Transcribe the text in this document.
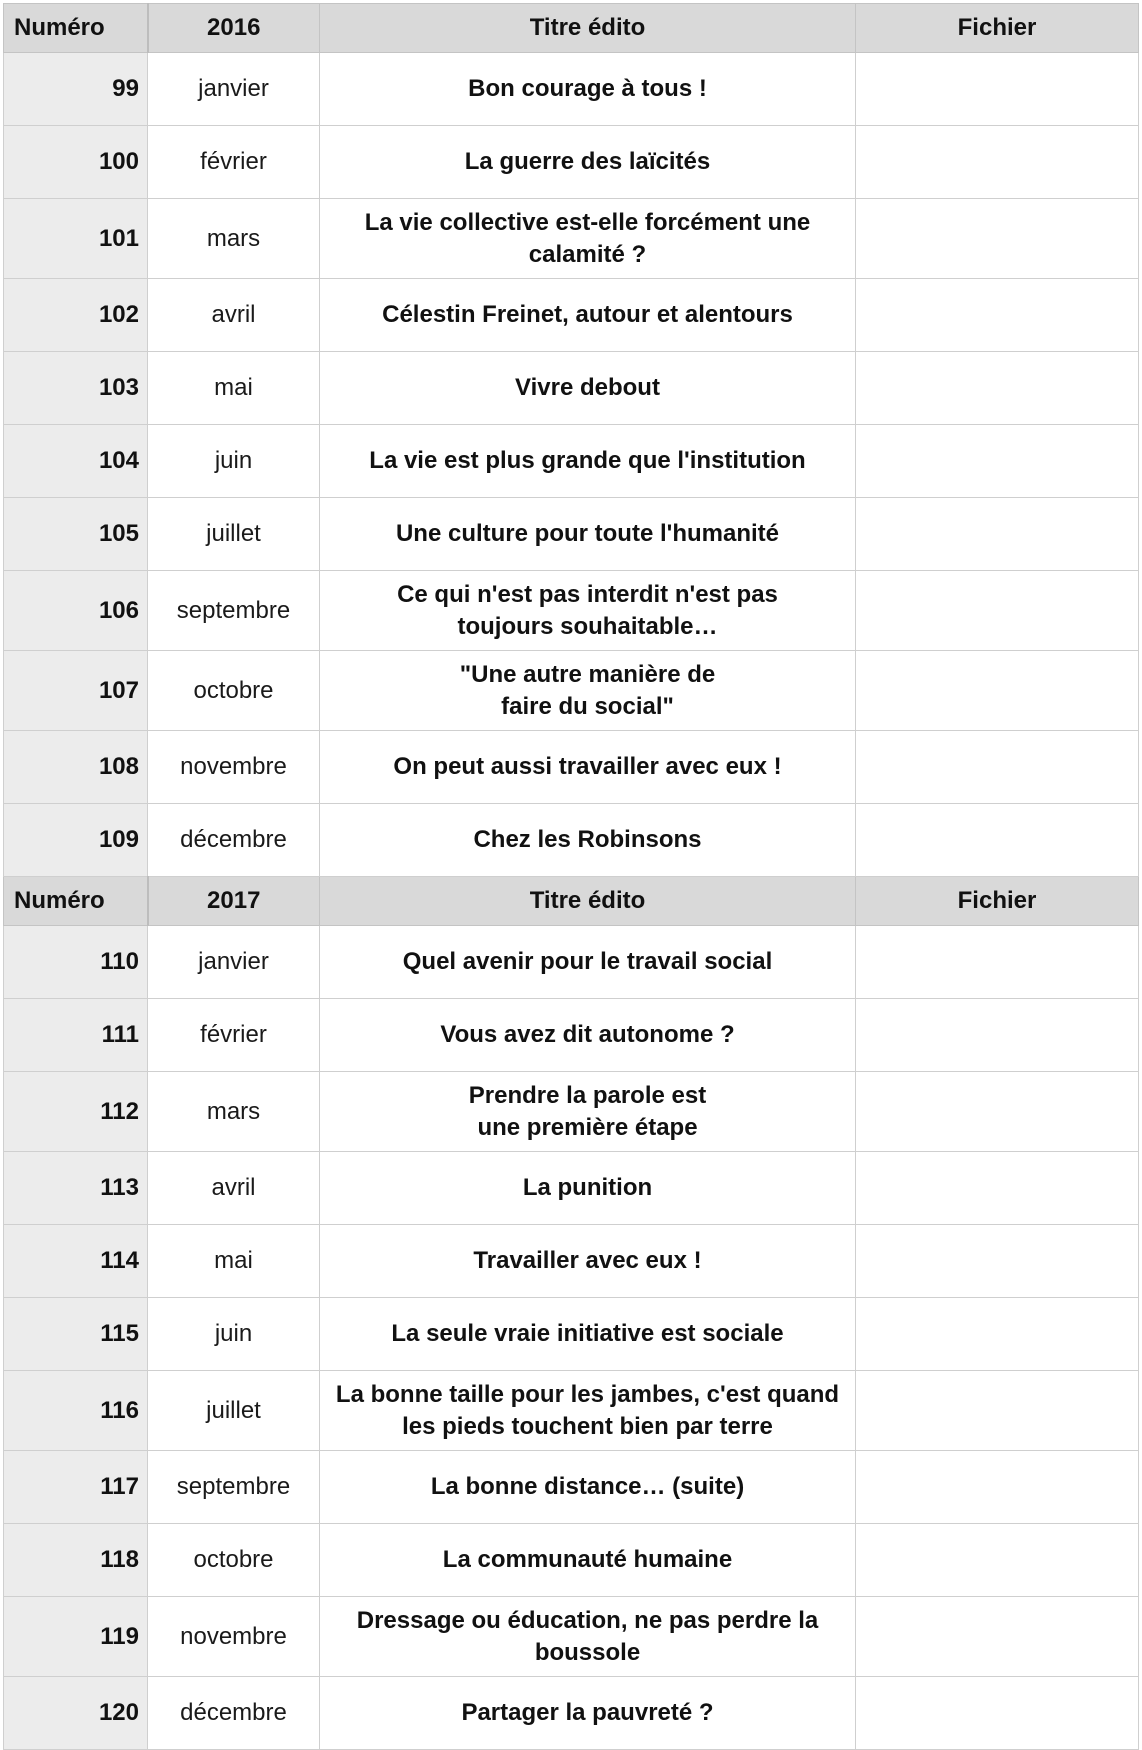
Numéro	2016	Titre édito	Fichier
99	janvier	Bon courage à tous !	
100	février	La guerre des laïcités	
101	mars	La vie collective est-elle forcément une
calamité ?	
102	avril	Célestin Freinet, autour et alentours	
103	mai	Vivre debout	
104	juin	La vie est plus grande que l'institution	
105	juillet	Une culture pour toute l'humanité	
106	septembre	Ce qui n'est pas interdit n'est pas
toujours souhaitable…	
107	octobre	"Une autre manière de
faire du social"	
108	novembre	On peut aussi travailler avec eux !	
109	décembre	Chez les Robinsons	
Numéro	2017	Titre édito	Fichier
110	janvier	Quel avenir pour le travail social	
111	février	Vous avez dit autonome ?	
112	mars	Prendre la parole est
une première étape	
113	avril	La punition	
114	mai	Travailler avec eux !	
115	juin	La seule vraie initiative est sociale	
116	juillet	La bonne taille pour les jambes, c'est quand
les pieds touchent bien par terre	
117	septembre	La bonne distance… (suite)	
118	octobre	La communauté humaine	
119	novembre	Dressage ou éducation, ne pas perdre la
boussole	
120	décembre	Partager la pauvreté ?	
